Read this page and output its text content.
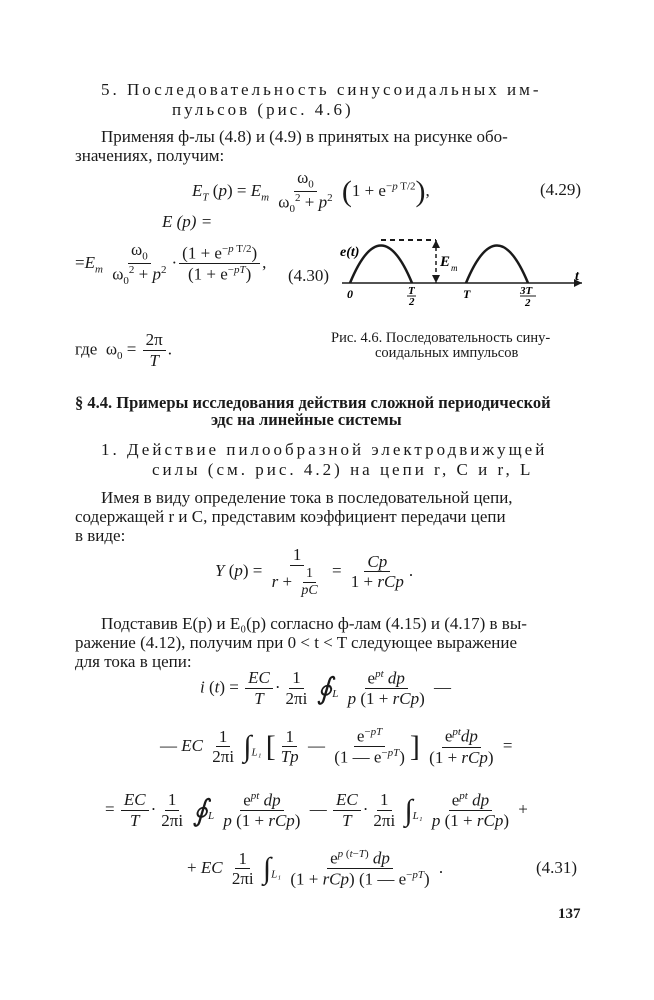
5. Последовательность синусоидальных им-
пульсов (рис. 4.6)
Применяя ф-лы (4.8) и (4.9) в принятых на рисунке обо-
значениях, получим:
$E_T$ $(p) = E_m \frac{\omega_0}{\omega_0^2 + p^2} (1 + e^{-p T/2})$,	(4.29)
E (p) =
$=E_m \frac{\omega_0}{\omega_0^2 + p^2} \cdot \frac{(1 + e^{-p T/2})}{(1 + e^{-pT})}$ ,
(4.30)
e(t)
E m
t
0	T
2
T	3T
2
Рис. 4.6. Последовательность сину-
соидальных импульсов
где  $\omega_0 = \frac{2\pi}{T}$ .
§ 4.4. Примеры исследования действия сложной периодической
эдс на линейные системы
1. Действие пилообразной электродвижущей
силы (см. рис. 4.2) на цепи r, C и r, L
Имея в виду определение тока в последовательной цепи,
содержащей r и C, представим коэффициент передачи цепи
в виде:
Y $(p) = \frac{1}{r + \frac{1}{pC}} = \frac{Cp}{\text{1 + rCp}}$ .
Подставив E(p) и E₀(p) согласно ф-лам (4.15) и (4.17) в вы-
ражение (4.12), получим при 0 < t < T следующее выражение
для тока в цепи:
i $(t) = \frac{EC}{T} \cdot \frac{1}{2\pi i}$ $∮_L \frac{e^{pt} dp}{\text{p (1 + rCp)}}$ —
— EC $\frac{1}{2\pi i} \int_{L_1}$ [ $\frac{1}{Tp}$ — $\frac{e^{-pT}}{(1 — e^{-pT})}$ ] $\frac{e^{pt}dp}{\text{(1 + rCp)}}$ =
= $\frac{EC}{T} \cdot \frac{1}{2\pi i}$ $∮_L \frac{e^{pt} dp}{\text{p (1 + rCp)}}$ — $\frac{EC}{T} \cdot \frac{1}{2\pi i} \int_{L_1} \frac{e^{pt} dp}{\text{p (1 + rCp)}}$ +
+ EC $\frac{1}{2\pi i} \int_{L_1} \frac{e^{p (t-T)} dp}{(1 + rCp) (1 — e^{-pT})}$ .	(4.31)
137
